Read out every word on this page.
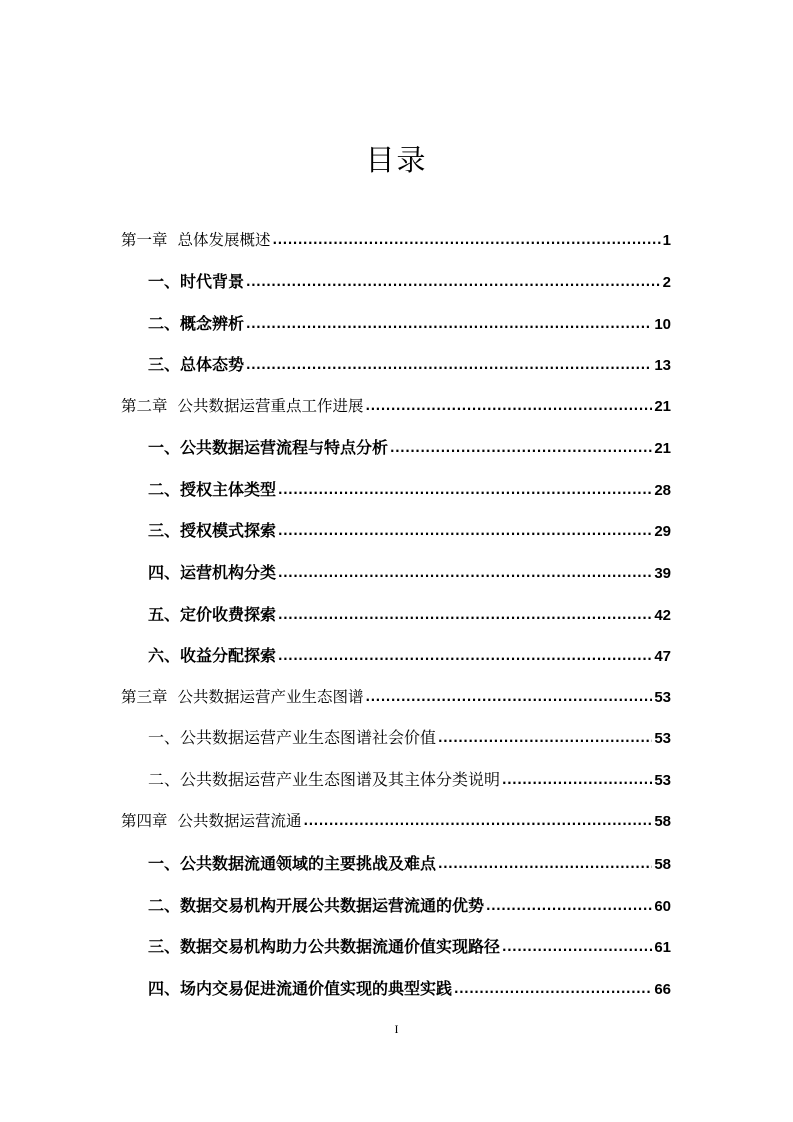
目录
第一章 总体发展概述 .....	1
一、时代背景 .....	2
二、概念辨析 .....	10
三、总体态势 .....	13
第二章 公共数据运营重点工作进展 .....	21
一、公共数据运营流程与特点分析 .....	21
二、授权主体类型 .....	28
三、授权模式探索 .....	29
四、运营机构分类 .....	39
五、定价收费探索 .....	42
六、收益分配探索 .....	47
第三章 公共数据运营产业生态图谱 .....	53
一、公共数据运营产业生态图谱社会价值 .....	53
二、公共数据运营产业生态图谱及其主体分类说明 .....	53
第四章 公共数据运营流通 .....	58
一、公共数据流通领域的主要挑战及难点 .....	58
二、数据交易机构开展公共数据运营流通的优势 .....	60
三、数据交易机构助力公共数据流通价值实现路径 .....	61
四、场内交易促进流通价值实现的典型实践 .....	66
I
